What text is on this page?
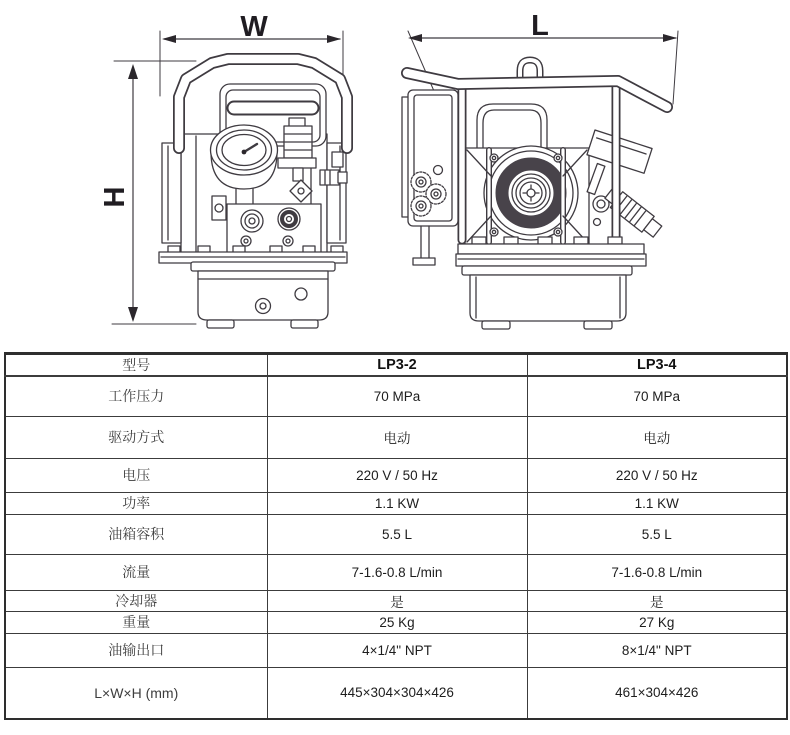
W
H
L
型号	LP3-2	LP3-4
工作压力	70 MPa	70 MPa
驱动方式	电动	电动
电压	220 V / 50 Hz	220 V / 50 Hz
功率	1.1 KW	1.1 KW
油箱容积	5.5 L	5.5 L
流量	7-1.6-0.8 L/min	7-1.6-0.8 L/min
冷却器	是	是
重量	25 Kg	27 Kg
油输出口	4×1/4" NPT	8×1/4" NPT
L×W×H (mm)	445×304×304×426	461×304×426
